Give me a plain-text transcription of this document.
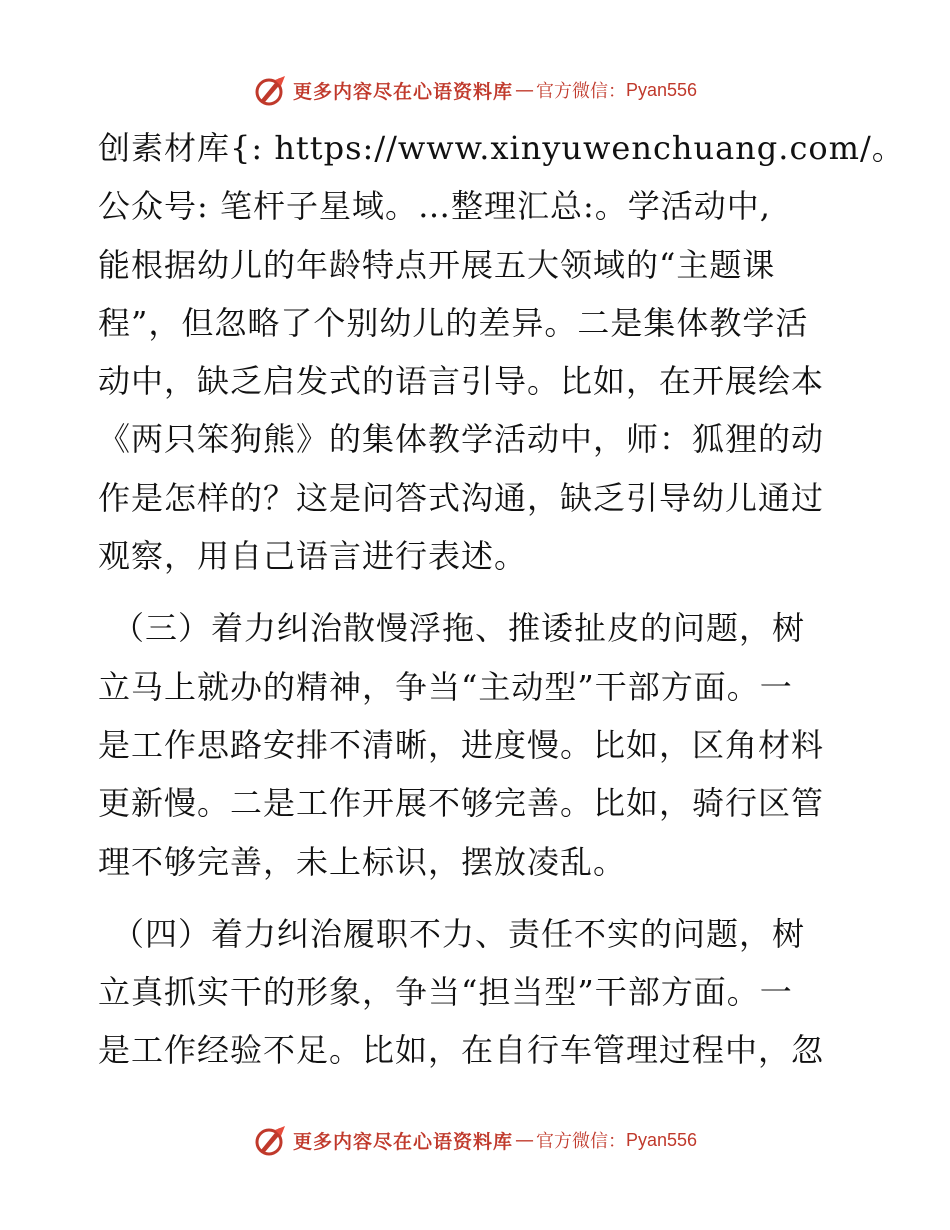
更多内容尽在心语资料库 — 官方微信： Pyan556

创素材库{: https://www.xinyuwenchuang.com/。
公众号: 笔杆子星域。…整理汇总:。学活动中,
能根据幼儿的年龄特点开展五大领域的“主题课
程”，但忽略了个别幼儿的差异。二是集体教学活
动中，缺乏启发式的语言引导。比如，在开展绘本
《两只笨狗熊》的集体教学活动中，师：狐狸的动
作是怎样的？这是问答式沟通，缺乏引导幼儿通过
观察，用自己语言进行表述。

（三）着力纠治散慢浮拖、推诿扯皮的问题，树
立马上就办的精神，争当“主动型”干部方面。一
是工作思路安排不清晰，进度慢。比如，区角材料
更新慢。二是工作开展不够完善。比如，骑行区管
理不够完善，未上标识，摆放凌乱。

（四）着力纠治履职不力、责任不实的问题，树
立真抓实干的形象，争当“担当型”干部方面。一
是工作经验不足。比如，在自行车管理过程中，忽

更多内容尽在心语资料库 — 官方微信： Pyan556
